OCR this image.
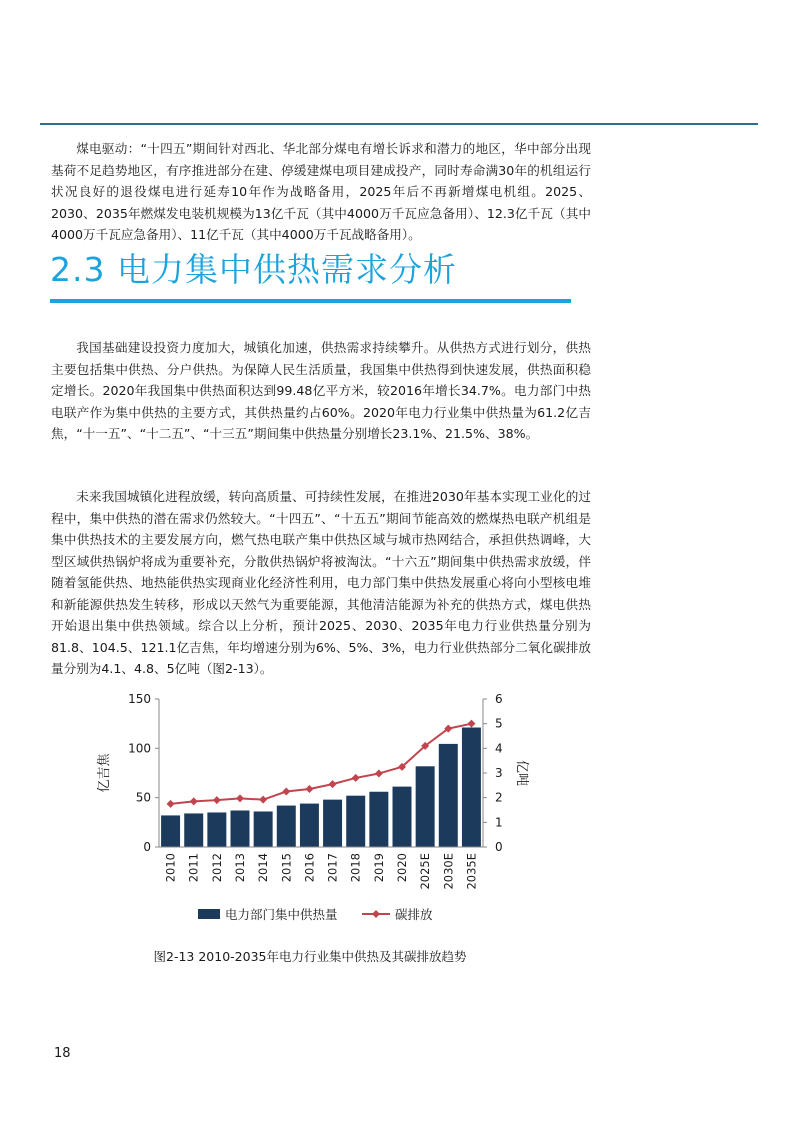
煤电驱动：“十四五”期间针对西北、华北部分煤电有增长诉求和潜力的地区，华中部分出现基荷不足趋势地区，有序推进部分在建、停缓建煤电项目建成投产，同时寿命满30年的机组运行状况良好的退役煤电进行延寿10年作为战略备用，2025年后不再新增煤电机组。2025、2030、2035年燃煤发电装机规模为13亿千瓦（其中4000万千瓦应急备用）、12.3亿千瓦（其中4000万千瓦应急备用）、11亿千瓦（其中4000万千瓦战略备用）。

2.3 电力集中供热需求分析

我国基础建设投资力度加大，城镇化加速，供热需求持续攀升。从供热方式进行划分，供热主要包括集中供热、分户供热。为保障人民生活质量，我国集中供热得到快速发展，供热面积稳定增长。2020年我国集中供热面积达到99.48亿平方米，较2016年增长34.7%。电力部门中热电联产作为集中供热的主要方式，其供热量约占60%。2020年电力行业集中供热量为61.2亿吉焦，“十一五”、“十二五”、“十三五”期间集中供热量分别增长23.1%、21.5%、38%。

未来我国城镇化进程放缓，转向高质量、可持续性发展，在推进2030年基本实现工业化的过程中，集中供热的潜在需求仍然较大。“十四五”、“十五五”期间节能高效的燃煤热电联产机组是集中供热技术的主要发展方向，燃气热电联产集中供热区域与城市热网结合，承担供热调峰，大型区域供热锅炉将成为重要补充，分散供热锅炉将被淘汰。“十六五”期间集中供热需求放缓，伴随着氢能供热、地热能供热实现商业化经济性利用，电力部门集中供热发展重心将向小型核电堆和新能源供热发生转移，形成以天然气为重要能源，其他清洁能源为补充的供热方式，煤电供热开始退出集中供热领域。综合以上分析，预计2025、2030、2035年电力行业供热量分别为81.8、104.5、121.1亿吉焦，年均增速分别为6%、5%、3%，电力行业供热部分二氧化碳排放量分别为4.1、4.8、5亿吨（图2-13）。

0
50
100
150
0
1
2
3
4
5
6
2010 2011 2012 2013 2014 2015 2016 2017 2018 2019 2020 2025E 2030E 2035E
亿吉焦	亿吨
电力部门集中供热量	碳排放
图2-13 2010-2035年电力行业集中供热及其碳排放趋势
18
